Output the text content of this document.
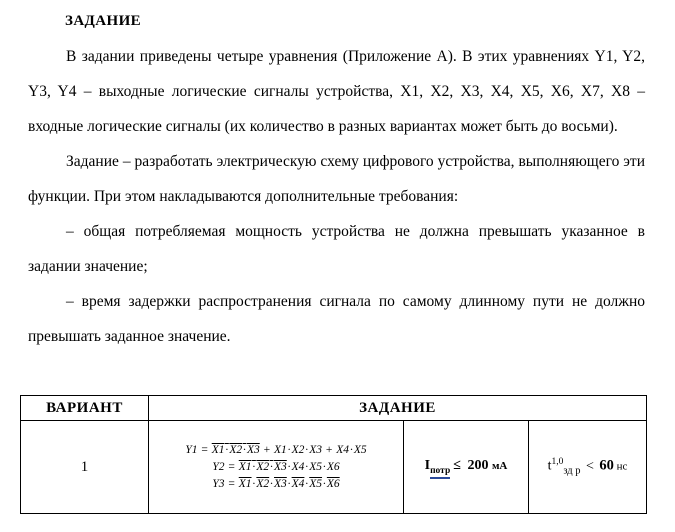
ЗАДАНИЕ

В задании приведены четыре уравнения (Приложение А). В этих уравнениях Y1, Y2, Y3, Y4 – выходные логические сигналы устройства, X1, X2, X3, X4, X5, X6, X7, X8 – входные логические сигналы (их количество в разных вариантах может быть до восьми).

Задание – разработать электрическую схему цифрового устройства, выполняющего эти функции. При этом накладываются дополнительные требования:

– общая потребляемая мощность устройства не должна превышать указанное в задании значение;

– время задержки распространения сигнала по самому длинному пути не должно превышать заданное значение.

ВАРИАНТ	ЗАДАНИЕ		
1	Y1 = X1·X2·X3 + X1·X2·X3 + X4·X5
Y2 = X1·X2·X3·X4·X5·X6
Y3 = X1·X2·X3·X4·X5·X6	$I_{потр} \le 200$ мА	$t^{1,0}_{зд р} < 60$ нс
